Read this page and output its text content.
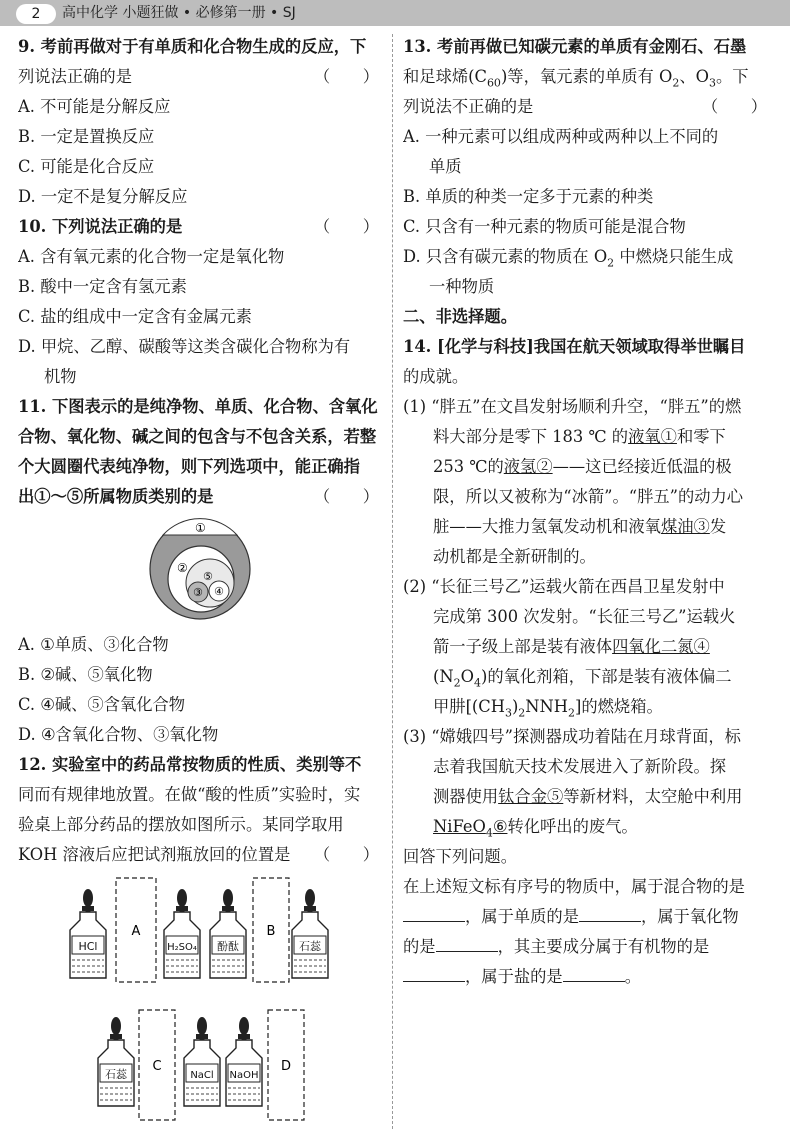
2	高中化学 小题狂做 • 必修第一册 • SJ
9. 考前再做对于有单质和化合物生成的反应，下
列说法正确的是	（　　）
A. 不可能是分解反应
B. 一定是置换反应
C. 可能是化合反应
D. 一定不是复分解反应
10. 下列说法正确的是	（　　）
A. 含有氧元素的化合物一定是氧化物
B. 酸中一定含有氢元素
C. 盐的组成中一定含有金属元素
D. 甲烷、乙醇、碳酸等这类含碳化合物称为有
机物
11. 下图表示的是纯净物、单质、化合物、含氧化
合物、氧化物、碱之间的包含与不包含关系，若整
个大圆圈代表纯净物，则下列选项中，能正确指
出①～⑤所属物质类别的是	（　　）
①
②
③ ④
⑤
A. ①单质、③化合物
B. ②碱、⑤氧化物
C. ④碱、⑤含氧化合物
D. ④含氧化合物、③氧化物
12. 实验室中的药品常按物质的性质、类别等不
同而有规律地放置。在做“酸的性质”实验时，实
验桌上部分药品的摆放如图所示。某同学取用
KOH 溶液后应把试剂瓶放回的位置是 （　　）
HCl
A
H₂SO₄ 酚酞
B
石蕊
石蕊
C
NaCl NaOH
D
13. 考前再做已知碳元素的单质有金刚石、石墨
和足球烯$(C_{60})$等，氧元素的单质有 $O_2$、$O_3$。下
列说法不正确的是	（　　）
A. 一种元素可以组成两种或两种以上不同的
单质
B. 单质的种类一定多于元素的种类
C. 只含有一种元素的物质可能是混合物
D. 只含有碳元素的物质在 $O_2$ 中燃烧只能生成
一种物质
二、非选择题。
14. [化学与科技]我国在航天领域取得举世瞩目
的成就。
(1) “胖五”在文昌发射场顺利升空，“胖五”的燃
料大部分是零下 183 ℃ 的液氧①和零下
253 ℃的液氢②——这已经接近低温的极
限，所以又被称为“冰箭”。“胖五”的动力心
脏——大推力氢氧发动机和液氧煤油③发
动机都是全新研制的。
(2) “长征三号乙”运载火箭在西昌卫星发射中
完成第 300 次发射。“长征三号乙”运载火
箭一子级上部是装有液体四氧化二氮④
$(N_2O_4)$的氧化剂箱，下部是装有液体偏二
甲肼$[(CH_3)_2NNH_2]$的燃烧箱。
(3) “嫦娥四号”探测器成功着陆在月球背面，标
志着我国航天技术发展进入了新阶段。探
测器使用钛合金⑤等新材料，太空舱中利用
NiFeO$_4$⑥转化呼出的废气。
回答下列问题。
在上述短文标有序号的物质中，属于混合物的是
，属于单质的是	，属于氧化物
的是	，其主要成分属于有机物的是
，属于盐的是	。
